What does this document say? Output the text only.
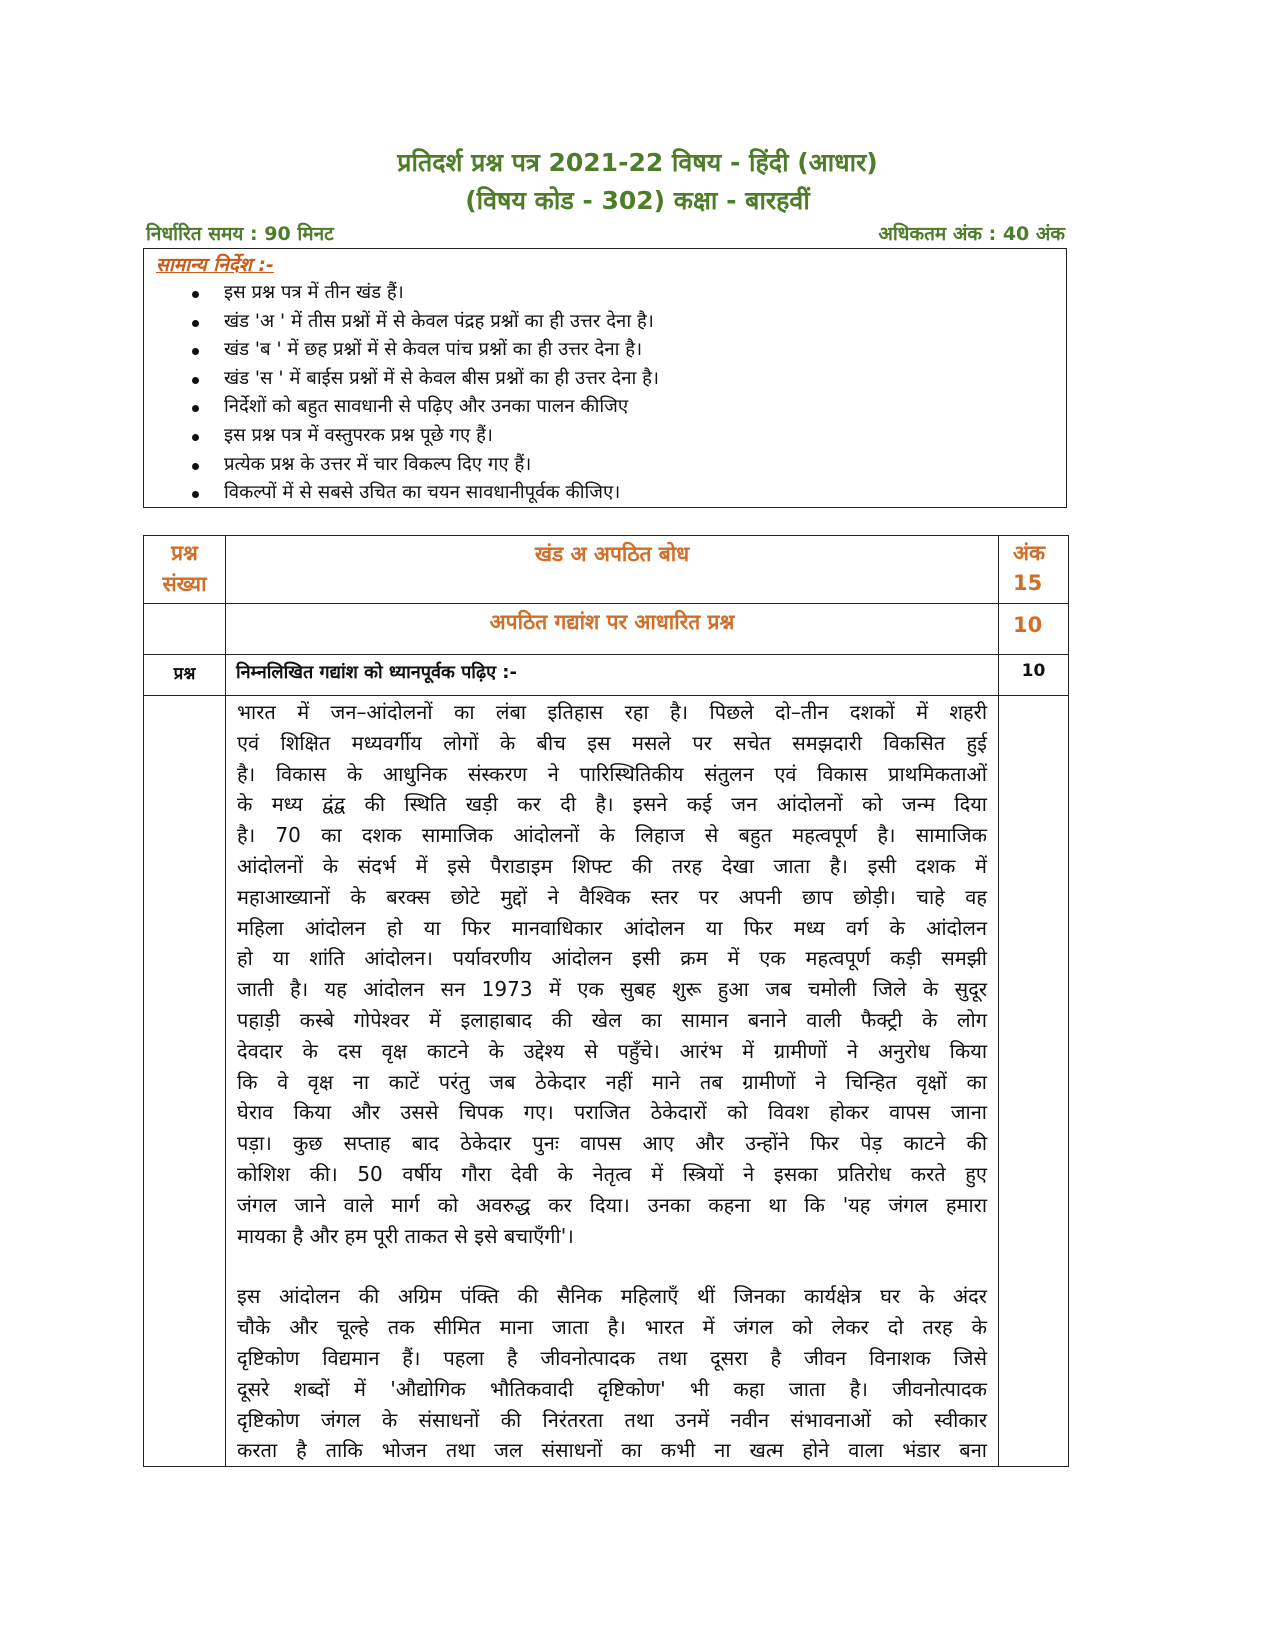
प्रतिदर्श प्रश्न पत्र 2021-22 विषय - हिंदी (आधार)
(विषय कोड - 302) कक्षा - बारहवीं
निर्धारित समय : 90 मिनट	अधिकतम अंक : 40 अंक
सामान्य निर्देश :-
इस प्रश्न पत्र में तीन खंड हैं।
खंड 'अ ' में तीस प्रश्नों में से केवल पंद्रह प्रश्नों का ही उत्तर देना है।
खंड 'ब ' में छह प्रश्नों में से केवल पांच प्रश्नों का ही उत्तर देना है।
खंड 'स ' में बाईस प्रश्नों में से केवल बीस प्रश्नों का ही उत्तर देना है।
निर्देशों को बहुत सावधानी से पढ़िए और उनका पालन कीजिए
इस प्रश्न पत्र में वस्तुपरक प्रश्न पूछे गए हैं।
प्रत्येक प्रश्न के उत्तर में चार विकल्प दिए गए हैं।
विकल्पों में से सबसे उचित का चयन सावधानीपूर्वक कीजिए।
प्रश्न
संख्या
	खंड अ अपठित बोध	अंक
15

	अपठित गद्यांश पर आधारित प्रश्न	10
प्रश्न	निम्नलिखित गद्यांश को ध्यानपूर्वक पढ़िए :-	10

भारत में जन–आंदोलनों का लंबा इतिहास रहा है। पिछले दो–तीन दशकों में शहरी

एवं शिक्षित मध्यवर्गीय लोगों के बीच इस मसले पर सचेत समझदारी विकसित हुई

है। विकास के आधुनिक संस्करण ने पारिस्थितिकीय संतुलन एवं विकास प्राथमिकताओं

के मध्य द्वंद्व की स्थिति खड़ी कर दी है। इसने कई जन आंदोलनों को जन्म दिया

है। 70 का दशक सामाजिक आंदोलनों के लिहाज से बहुत महत्वपूर्ण है। सामाजिक

आंदोलनों के संदर्भ में इसे पैराडाइम शिफ्ट की तरह देखा जाता है। इसी दशक में

महाआख्यानों के बरक्स छोटे मुद्दों ने वैश्विक स्तर पर अपनी छाप छोड़ी। चाहे वह

महिला आंदोलन हो या फिर मानवाधिकार आंदोलन या फिर मध्य वर्ग के आंदोलन

हो या शांति आंदोलन। पर्यावरणीय आंदोलन इसी क्रम में एक महत्वपूर्ण कड़ी समझी

जाती है। यह आंदोलन सन 1973 में एक सुबह शुरू हुआ जब चमोली जिले के सुदूर

पहाड़ी कस्बे गोपेश्वर में इलाहाबाद की खेल का सामान बनाने वाली फैक्ट्री के लोग

देवदार के दस वृक्ष काटने के उद्देश्य से पहुँचे। आरंभ में ग्रामीणों ने अनुरोध किया

कि वे वृक्ष ना काटें परंतु जब ठेकेदार नहीं माने तब ग्रामीणों ने चिन्हित वृक्षों का

घेराव किया और उससे चिपक गए। पराजित ठेकेदारों को विवश होकर वापस जाना

पड़ा। कुछ सप्ताह बाद ठेकेदार पुनः वापस आए और उन्होंने फिर पेड़ काटने की

कोशिश की। 50 वर्षीय गौरा देवी के नेतृत्व में स्त्रियों ने इसका प्रतिरोध करते हुए

जंगल जाने वाले मार्ग को अवरुद्ध कर दिया। उनका कहना था कि 'यह जंगल हमारा

मायका है और हम पूरी ताकत से इसे बचाएँगी'।

इस आंदोलन की अग्रिम पंक्ति की सैनिक महिलाएँ थीं जिनका कार्यक्षेत्र घर के अंदर

चौके और चूल्हे तक सीमित माना जाता है। भारत में जंगल को लेकर दो तरह के

दृष्टिकोण विद्यमान हैं। पहला है जीवनोत्पादक तथा दूसरा है जीवन विनाशक जिसे

दूसरे शब्दों में 'औद्योगिक भौतिकवादी दृष्टिकोण' भी कहा जाता है। जीवनोत्पादक

दृष्टिकोण जंगल के संसाधनों की निरंतरता तथा उनमें नवीन संभावनाओं को स्वीकार

करता है ताकि भोजन तथा जल संसाधनों का कभी ना खत्म होने वाला भंडार बना
